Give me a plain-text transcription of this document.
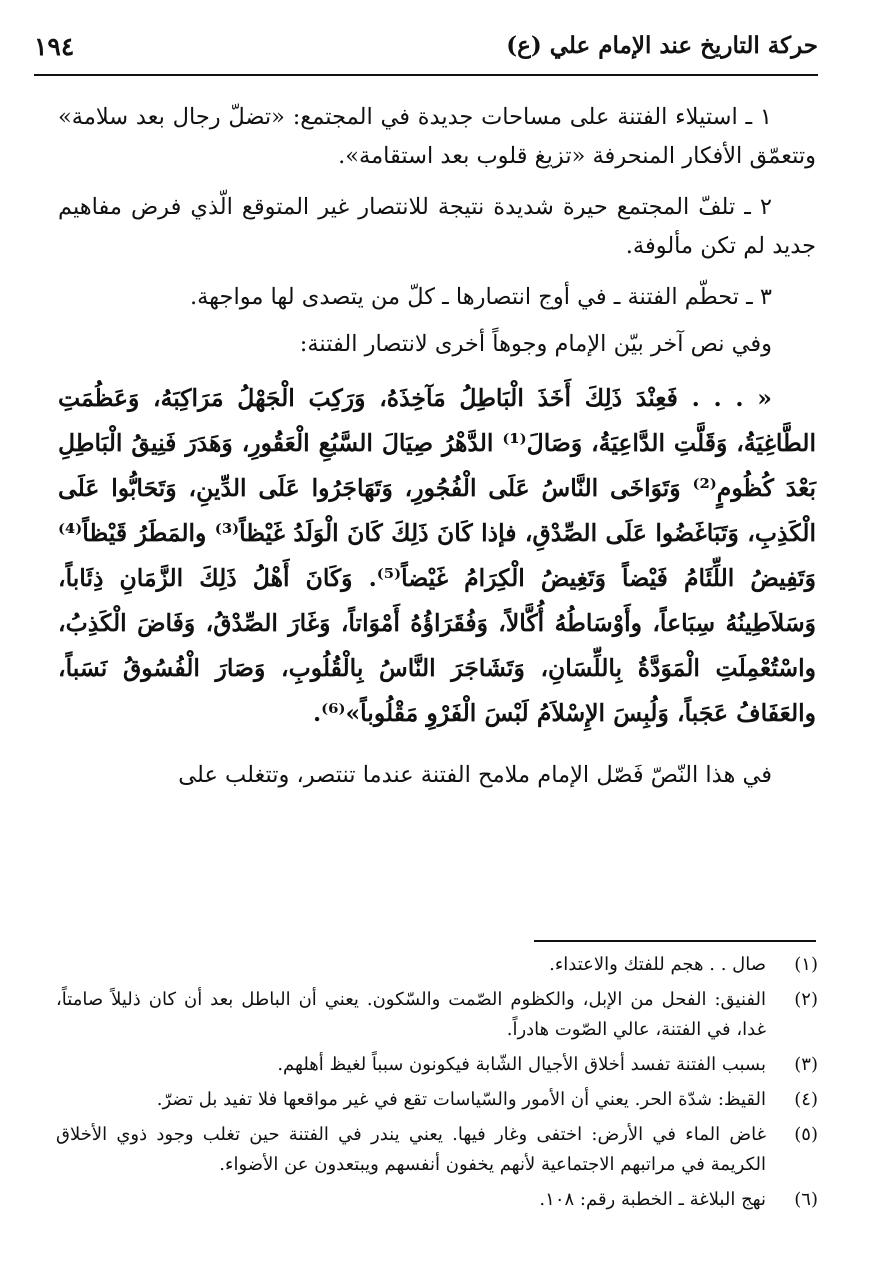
حركة التاريخ عند الإمام علي (ع)
١٩٤

١ ـ استيلاء الفتنة على مساحات جديدة في المجتمع: «تضلّ رجال بعد سلامة» وتتعمّق الأفكار المنحرفة «تزيغ قلوب بعد استقامة».

٢ ـ تلفّ المجتمع حيرة شديدة نتيجة للانتصار غير المتوقع الّذي فرض مفاهيم جديد لم تكن مألوفة.

٣ ـ تحطّم الفتنة ـ في أوج انتصارها ـ كلّ من يتصدى لها مواجهة.

وفي نص آخر بيّن الإمام وجوهاً أخرى لانتصار الفتنة:

« . . . فَعِنْدَ ذَلِكَ أَخَذَ الْبَاطِلُ مَآخِذَهُ، وَرَكِبَ الْجَهْلُ مَرَاكِبَهُ، وَعَظُمَتِ الطَّاغِيَةُ، وَقَلَّتِ الدَّاعِيَةُ، وَصَالَ⁽¹⁾ الدَّهْرُ صِيَالَ السَّبُعِ الْعَقُورِ، وَهَدَرَ فَنِيقُ الْبَاطِلِ بَعْدَ كُظُومٍ⁽²⁾ وَتَوَاخَى النَّاسُ عَلَى الْفُجُورِ، وَتَهَاجَرُوا عَلَى الدِّينِ، وَتَحَابُّوا عَلَى الْكَذِبِ، وَتَبَاغَضُوا عَلَى الصِّدْقِ، فإذا كَانَ ذَلِكَ كَانَ الْوَلَدُ غَيْظاً⁽³⁾ والمَطَرُ قَيْظاً⁽⁴⁾ وَتَفِيضُ اللِّئَامُ فَيْضاً وَتَغِيضُ الْكِرَامُ غَيْضاً⁽⁵⁾. وَكَانَ أَهْلُ ذَلِكَ الزَّمَانِ ذِئَاباً، وَسَلاَطِينُهُ سِبَاعاً، وأَوْسَاطُهُ أُكَّالاً، وَفُقَرَاؤُهُ أَمْوَاتاً، وَغَارَ الصِّدْقُ، وَفَاضَ الْكَذِبُ، واسْتُعْمِلَتِ الْمَوَدَّةُ بِاللِّسَانِ، وَتَشَاجَرَ النَّاسُ بِالْقُلُوبِ، وَصَارَ الْفُسُوقُ نَسَباً، والعَفَافُ عَجَباً، وَلُبِسَ الإِسْلاَمُ لَبْسَ الْفَرْوِ مَقْلُوباً»⁽⁶⁾.

في هذا النّصّ فَصّل الإمام ملامح الفتنة عندما تنتصر، وتتغلب على

(١)
صال . . هجم للفتك والاعتداء.
(٢)
الفنيق: الفحل من الإبل، والكظوم الصّمت والسّكون. يعني أن الباطل بعد أن كان ذليلاً صامتاً، غدا، في الفتنة، عالي الصّوت هادراً.
(٣)
بسبب الفتنة تفسد أخلاق الأجيال الشّابة فيكونون سبباً لغيظ أهلهم.
(٤)
القيظ: شدّة الحر. يعني أن الأمور والسّياسات تقع في غير مواقعها فلا تفيد بل تضرّ.
(٥)
غاض الماء في الأرض: اختفى وغار فيها. يعني يندر في الفتنة حين تغلب وجود ذوي الأخلاق الكريمة في مراتبهم الاجتماعية لأنهم يخفون أنفسهم ويبتعدون عن الأضواء.
(٦)
نهج البلاغة ـ الخطبة رقم: ١٠٨.
